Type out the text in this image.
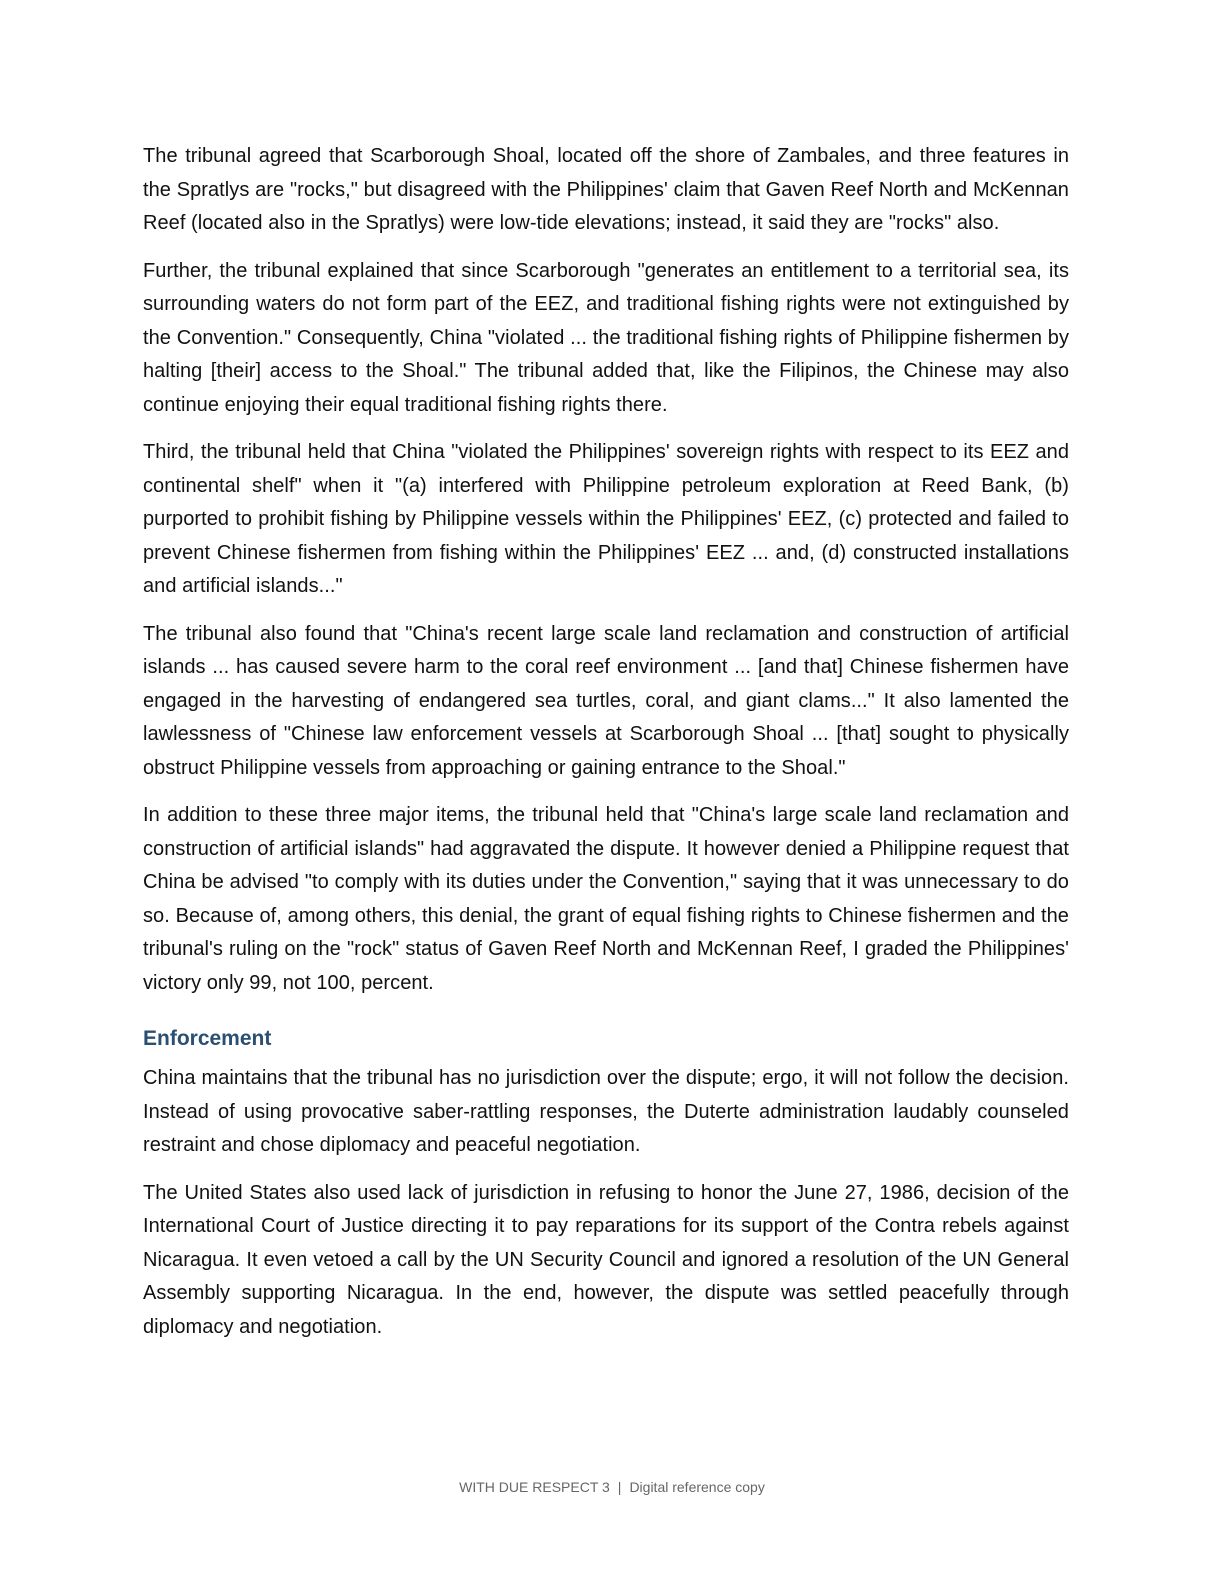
The tribunal agreed that Scarborough Shoal, located off the shore of Zambales, and three features in the Spratlys are "rocks," but disagreed with the Philippines' claim that Gaven Reef North and McKennan Reef (located also in the Spratlys) were low-tide elevations; instead, it said they are "rocks" also.

Further, the tribunal explained that since Scarborough "generates an entitlement to a territorial sea, its surrounding waters do not form part of the EEZ, and traditional fishing rights were not extinguished by the Convention." Consequently, China "violated ... the traditional fishing rights of Philippine fishermen by halting [their] access to the Shoal." The tribunal added that, like the Filipinos, the Chinese may also continue enjoying their equal traditional fishing rights there.

Third, the tribunal held that China "violated the Philippines' sovereign rights with respect to its EEZ and continental shelf" when it "(a) interfered with Philippine petroleum exploration at Reed Bank, (b) purported to prohibit fishing by Philippine vessels within the Philippines' EEZ, (c) protected and failed to prevent Chinese fishermen from fishing within the Philippines' EEZ ... and, (d) constructed installations and artificial islands..."

The tribunal also found that "China's recent large scale land reclamation and construction of artificial islands ... has caused severe harm to the coral reef environment ... [and that] Chinese fishermen have engaged in the harvesting of endangered sea turtles, coral, and giant clams..." It also lamented the lawlessness of "Chinese law enforcement vessels at Scarborough Shoal ... [that] sought to physically obstruct Philippine vessels from approaching or gaining entrance to the Shoal."

In addition to these three major items, the tribunal held that "China's large scale land reclamation and construction of artificial islands" had aggravated the dispute. It however denied a Philippine request that China be advised "to comply with its duties under the Convention," saying that it was unnecessary to do so. Because of, among others, this denial, the grant of equal fishing rights to Chinese fishermen and the tribunal's ruling on the "rock" status of Gaven Reef North and McKennan Reef, I graded the Philippines' victory only 99, not 100, percent.

Enforcement

China maintains that the tribunal has no jurisdiction over the dispute; ergo, it will not follow the decision. Instead of using provocative saber-rattling responses, the Duterte administration laudably counseled restraint and chose diplomacy and peaceful negotiation.

The United States also used lack of jurisdiction in refusing to honor the June 27, 1986, decision of the International Court of Justice directing it to pay reparations for its support of the Contra rebels against Nicaragua. It even vetoed a call by the UN Security Council and ignored a resolution of the UN General Assembly supporting Nicaragua. In the end, however, the dispute was settled peacefully through diplomacy and negotiation.

WITH DUE RESPECT 3 | Digital reference copy
